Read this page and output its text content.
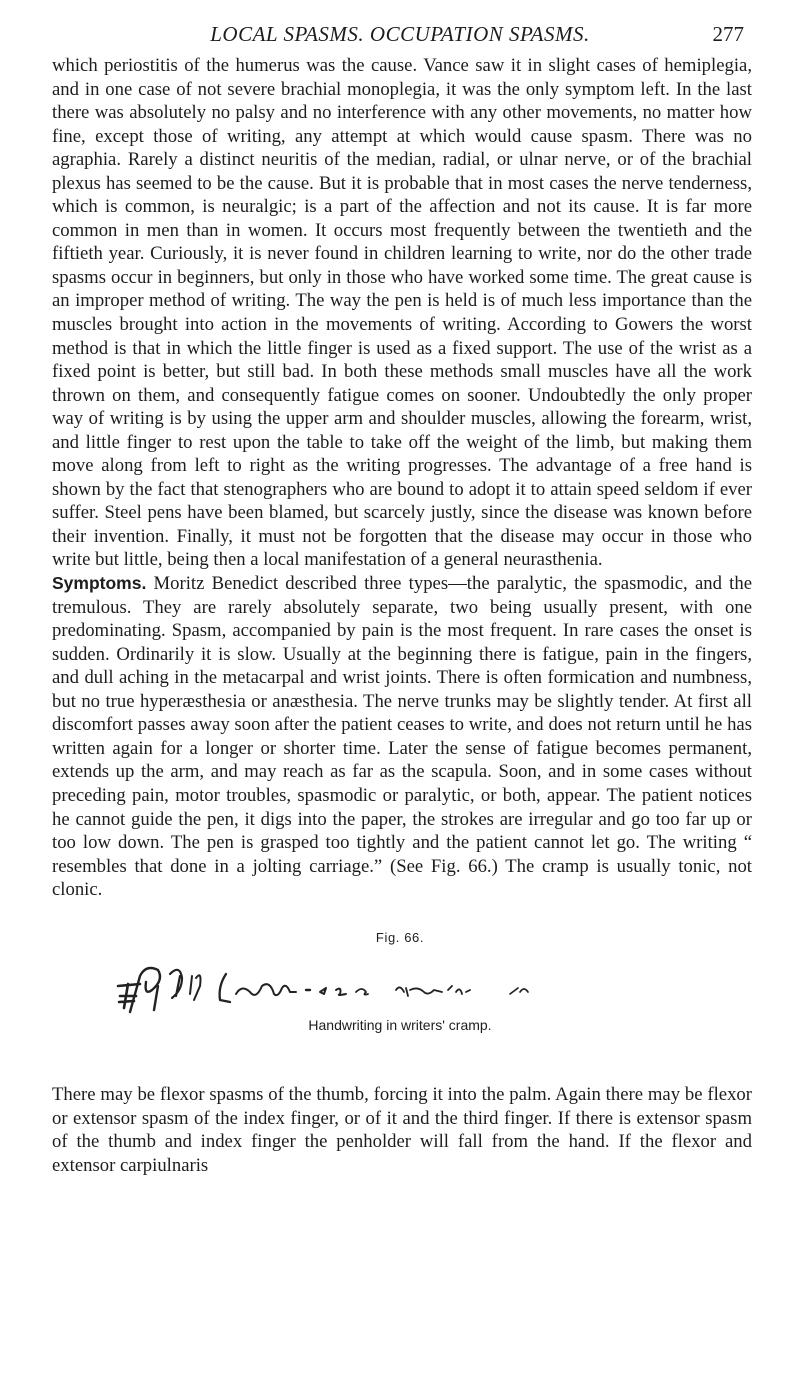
LOCAL SPASMS. OCCUPATION SPASMS.	277

which periostitis of the humerus was the cause. Vance saw it in slight cases of hemiplegia, and in one case of not severe brachial monoplegia, it was the only symptom left. In the last there was absolutely no palsy and no interference with any other movements, no matter how fine, except those of writing, any attempt at which would cause spasm. There was no agraphia. Rarely a distinct neuritis of the median, radial, or ulnar nerve, or of the brachial plexus has seemed to be the cause. But it is probable that in most cases the nerve tenderness, which is common, is neuralgic; is a part of the affection and not its cause. It is far more common in men than in women. It occurs most frequently between the twentieth and the fiftieth year. Curiously, it is never found in children learning to write, nor do the other trade spasms occur in beginners, but only in those who have worked some time. The great cause is an improper method of writing. The way the pen is held is of much less importance than the muscles brought into action in the movements of writing. According to Gowers the worst method is that in which the little finger is used as a fixed support. The use of the wrist as a fixed point is better, but still bad. In both these methods small muscles have all the work thrown on them, and consequently fatigue comes on sooner. Undoubtedly the only proper way of writing is by using the upper arm and shoulder muscles, allowing the forearm, wrist, and little finger to rest upon the table to take off the weight of the limb, but making them move along from left to right as the writing progresses. The advantage of a free hand is shown by the fact that stenographers who are bound to adopt it to attain speed seldom if ever suffer. Steel pens have been blamed, but scarcely justly, since the disease was known before their invention. Finally, it must not be forgotten that the disease may occur in those who write but little, being then a local manifestation of a general neurasthenia.

Symptoms. Moritz Benedict described three types—the paralytic, the spasmodic, and the tremulous. They are rarely absolutely separate, two being usually present, with one predominating. Spasm, accompanied by pain is the most frequent. In rare cases the onset is sudden. Ordinarily it is slow. Usually at the beginning there is fatigue, pain in the fingers, and dull aching in the metacarpal and wrist joints. There is often formication and numbness, but no true hyperæsthesia or anæsthesia. The nerve trunks may be slightly tender. At first all discomfort passes away soon after the patient ceases to write, and does not return until he has written again for a longer or shorter time. Later the sense of fatigue becomes permanent, extends up the arm, and may reach as far as the scapula. Soon, and in some cases without preceding pain, motor troubles, spasmodic or paralytic, or both, appear. The patient notices he cannot guide the pen, it digs into the paper, the strokes are irregular and go too far up or too low down. The pen is grasped too tightly and the patient cannot let go. The writing “ resembles that done in a jolting carriage.” (See Fig. 66.) The cramp is usually tonic, not clonic.

Fig. 66.
Handwriting in writers' cramp.

There may be flexor spasms of the thumb, forcing it into the palm. Again there may be flexor or extensor spasm of the index finger, or of it and the third finger. If there is extensor spasm of the thumb and index finger the penholder will fall from the hand. If the flexor and extensor carpiulnaris
